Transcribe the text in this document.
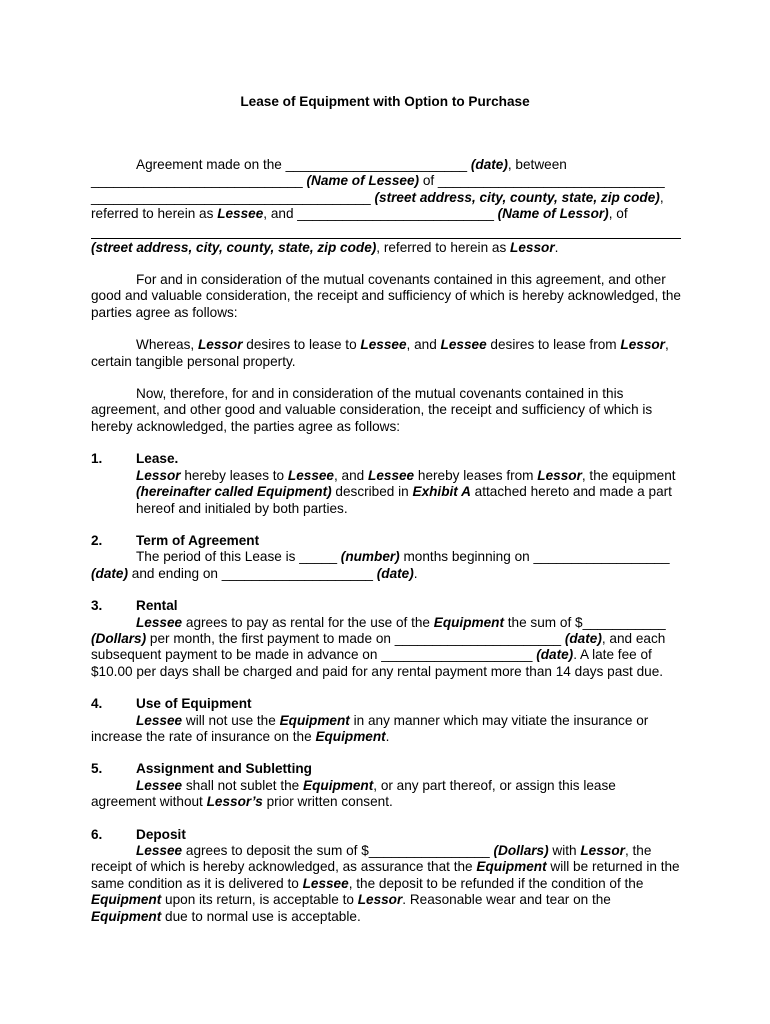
Lease of Equipment with Option to Purchase

Agreement made on the ________________________ (date), between

____________________________ (Name of Lessee) of ______________________________

_____________________________________ (street address, city, county, state, zip code),

referred to herein as Lessee, and __________________________ (Name of Lessor), of

(street address, city, county, state, zip code), referred to herein as Lessor.

For and in consideration of the mutual covenants contained in this agreement, and other good and valuable consideration, the receipt and sufficiency of which is hereby acknowledged, the parties agree as follows:

Whereas, Lessor desires to lease to Lessee, and Lessee desires to lease from Lessor, certain tangible personal property.

Now, therefore, for and in consideration of the mutual covenants contained in this agreement, and other good and valuable consideration, the receipt and sufficiency of which is hereby acknowledged, the parties agree as follows:

1.	Lease.

Lessor hereby leases to Lessee, and Lessee hereby leases from Lessor, the equipment (hereinafter called Equipment) described in Exhibit A attached hereto and made a part hereof and initialed by both parties.

2.	Term of Agreement

The period of this Lease is _____ (number) months beginning on __________________ (date) and ending on ____________________ (date).

3.	Rental

Lessee agrees to pay as rental for the use of the Equipment the sum of $___________ (Dollars) per month, the first payment to made on ______________________ (date), and each subsequent payment to be made in advance on ____________________ (date). A late fee of $10.00 per days shall be charged and paid for any rental payment more than 14 days past due.

4.	Use of Equipment

Lessee will not use the Equipment in any manner which may vitiate the insurance or increase the rate of insurance on the Equipment.

5.	Assignment and Subletting

Lessee shall not sublet the Equipment, or any part thereof, or assign this lease agreement without Lessor’s prior written consent.

6.	Deposit

Lessee agrees to deposit the sum of $________________ (Dollars) with Lessor, the receipt of which is hereby acknowledged, as assurance that the Equipment will be returned in the same condition as it is delivered to Lessee, the deposit to be refunded if the condition of the Equipment upon its return, is acceptable to Lessor. Reasonable wear and tear on the Equipment due to normal use is acceptable.
